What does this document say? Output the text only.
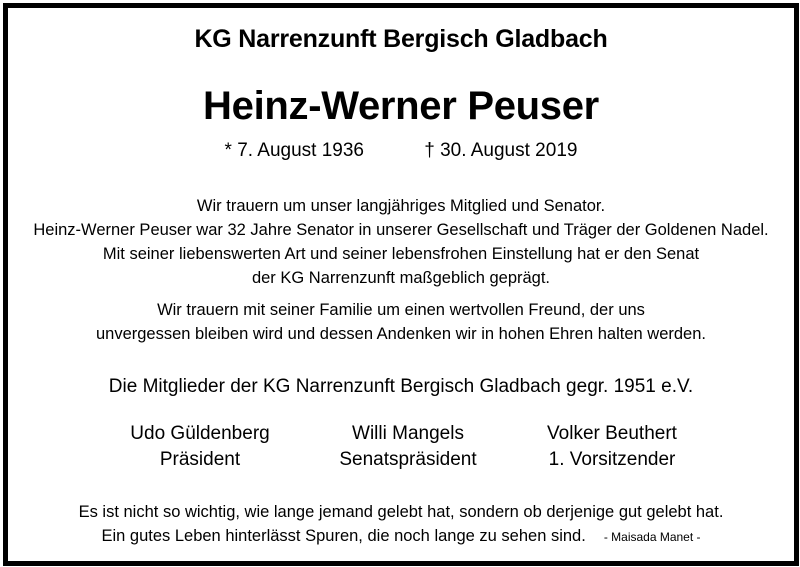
KG Narrenzunft Bergisch Gladbach
Heinz-Werner Peuser
* 7. August 1936	† 30. August 2019
Wir trauern um unser langjähriges Mitglied und Senator.
Heinz-Werner Peuser war 32 Jahre Senator in unserer Gesellschaft und Träger der Goldenen Nadel.
Mit seiner liebenswerten Art und seiner lebensfrohen Einstellung hat er den Senat
der KG Narrenzunft maßgeblich geprägt.
Wir trauern mit seiner Familie um einen wertvollen Freund, der uns
unvergessen bleiben wird und dessen Andenken wir in hohen Ehren halten werden.
Die Mitglieder der KG Narrenzunft Bergisch Gladbach gegr. 1951 e.V.
Udo Güldenberg
Präsident
Willi Mangels
Senatspräsident
Volker Beuthert
1. Vorsitzender
Es ist nicht so wichtig, wie lange jemand gelebt hat, sondern ob derjenige gut gelebt hat.
Ein gutes Leben hinterlässt Spuren, die noch lange zu sehen sind. - Maisada Manet -
